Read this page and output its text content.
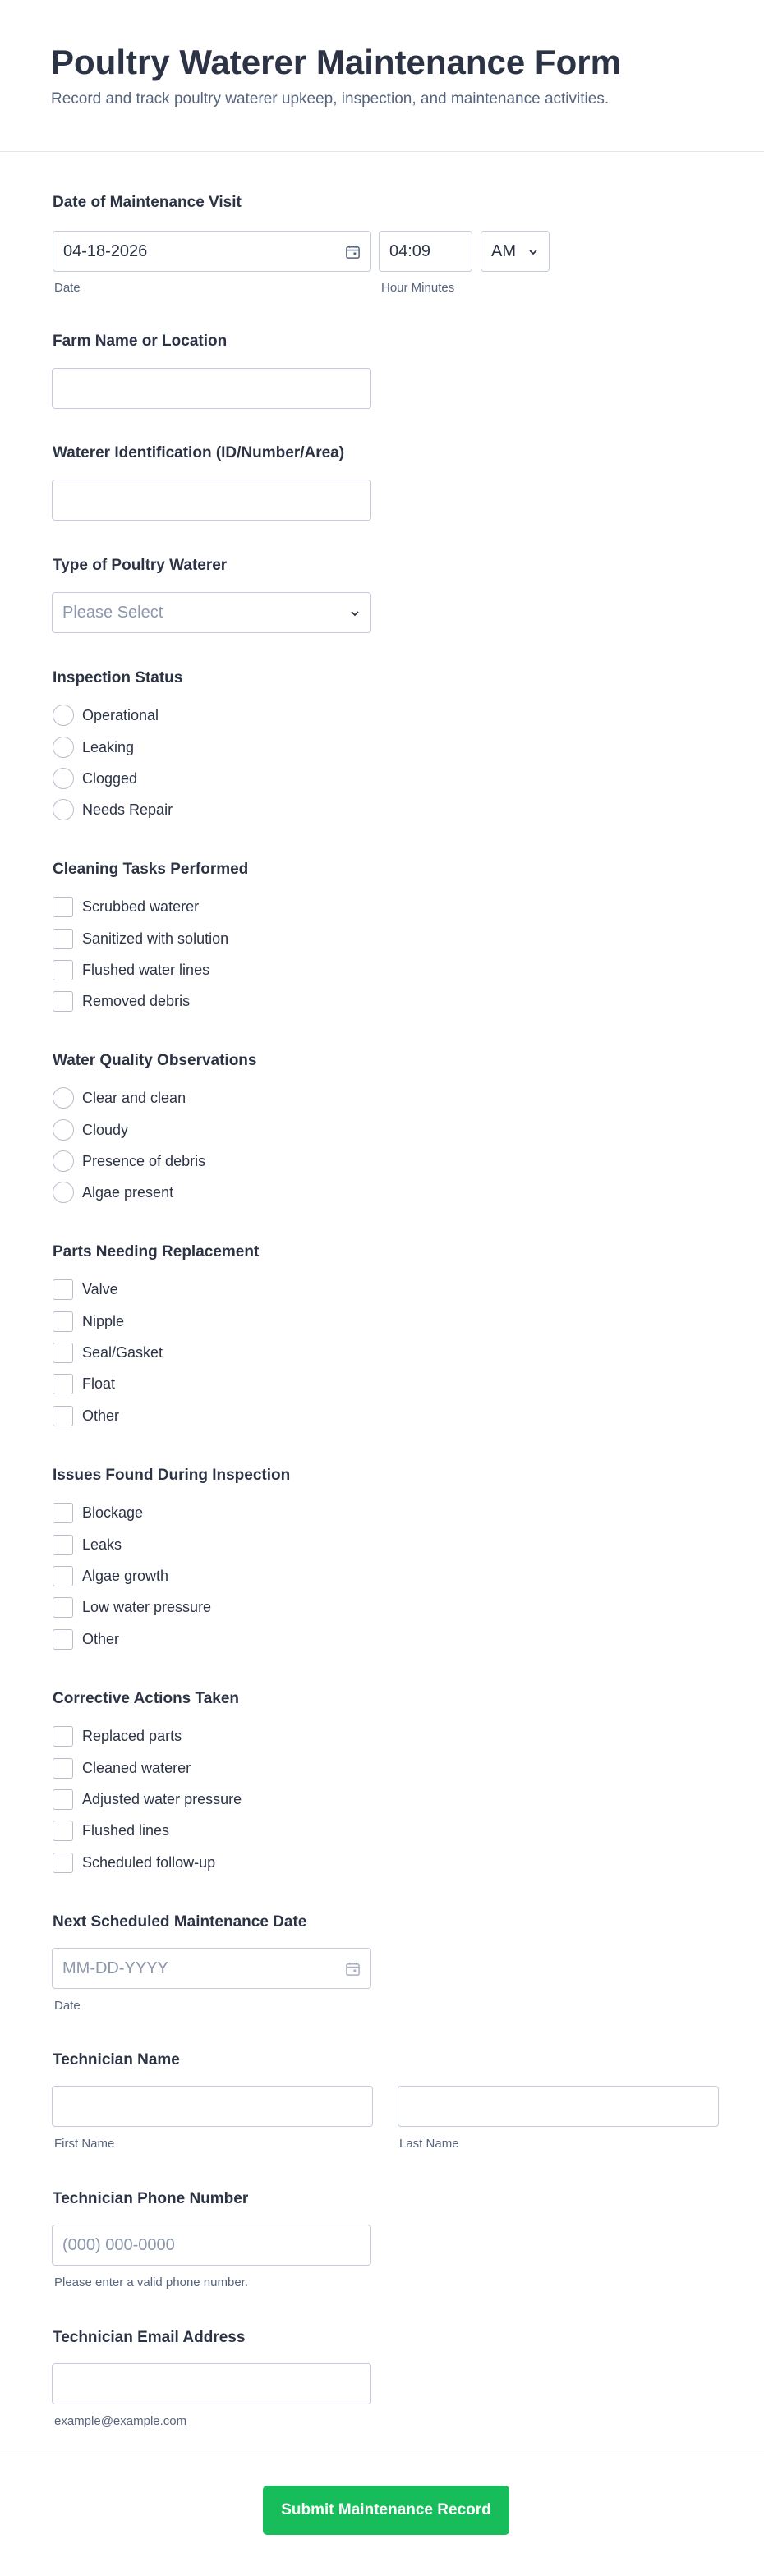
Poultry Waterer Maintenance Form

Record and track poultry waterer upkeep, inspection, and maintenance activities.

Date of Maintenance Visit
04-18-2026	04:09	AM
Date	Hour Minutes
Farm Name or Location
Waterer Identification (ID/Number/Area)
Type of Poultry Waterer
Please Select
Inspection Status
Operational
Leaking
Clogged
Needs Repair
Cleaning Tasks Performed
Scrubbed waterer
Sanitized with solution
Flushed water lines
Removed debris
Water Quality Observations
Clear and clean
Cloudy
Presence of debris
Algae present
Parts Needing Replacement
Valve
Nipple
Seal/Gasket
Float
Other
Issues Found During Inspection
Blockage
Leaks
Algae growth
Low water pressure
Other
Corrective Actions Taken
Replaced parts
Cleaned waterer
Adjusted water pressure
Flushed lines
Scheduled follow-up
Next Scheduled Maintenance Date
MM-DD-YYYY
Date
Technician Name
First Name	Last Name
Technician Phone Number
(000) 000-0000
Please enter a valid phone number.
Technician Email Address
example@example.com
Submit Maintenance Record
